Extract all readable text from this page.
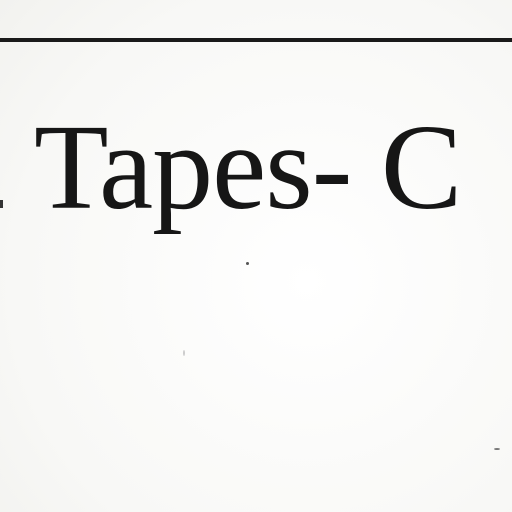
Tapes- C
